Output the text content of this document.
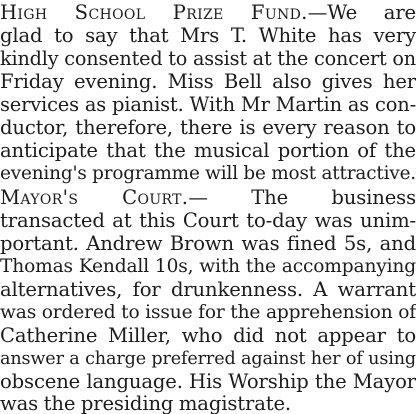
High School Prize Fund.—We are
glad to say that Mrs T. White has very
kindly consented to assist at the concert on
Friday evening. Miss Bell also gives her
services as pianist. With Mr Martin as con-
ductor, therefore, there is every reason to
anticipate that the musical portion of the
evening's programme will be most attractive.
Mayor's Court.— The business
transacted at this Court to-day was unim-
portant. Andrew Brown was fined 5s, and
Thomas Kendall 10s, with the accompanying
alternatives, for drunkenness. A warrant
was ordered to issue for the apprehension of
Catherine Miller, who did not appear to
answer a charge preferred against her of using
obscene language. His Worship the Mayor
was the presiding magistrate.
